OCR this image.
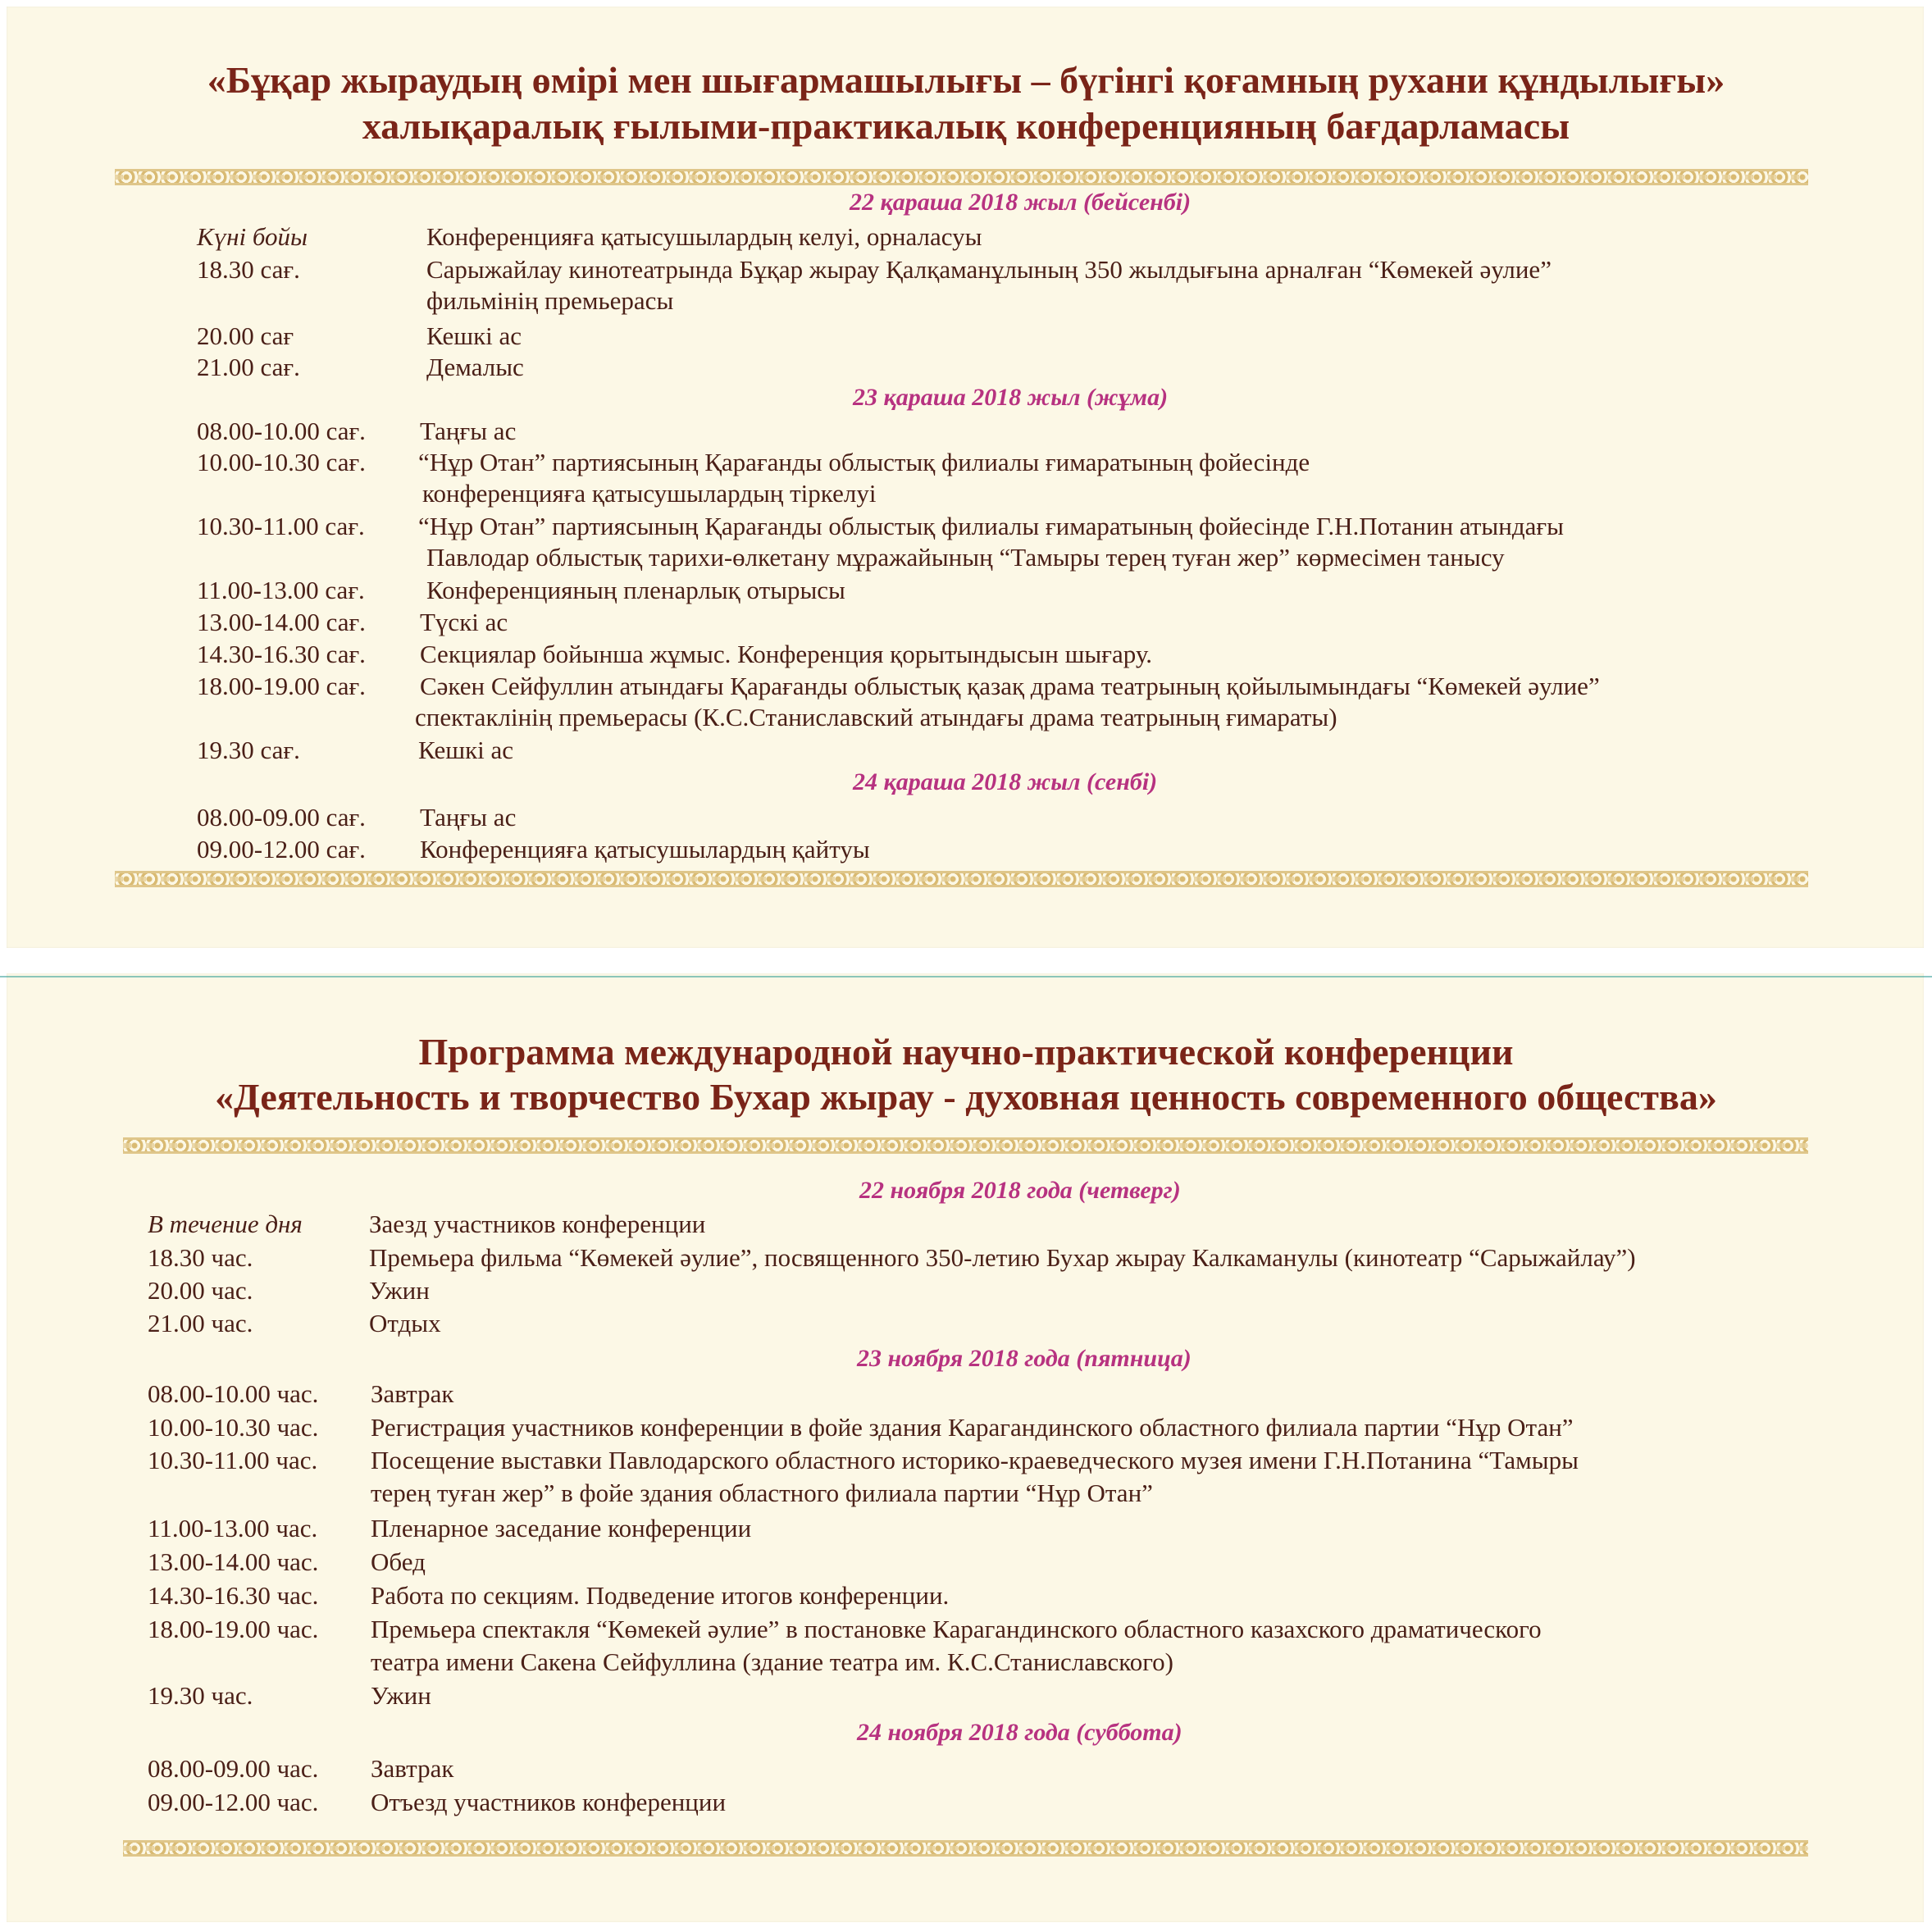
«Бұқар жыраудың өмірі мен шығармашылығы – бүгінгі қоғамның рухани құндылығы»
халықаралық ғылыми-практикалық конференцияның бағдарламасы
22 қараша 2018 жыл (бейсенбі)
Күні бойы	Конференцияға қатысушылардың келуі, орналасуы
18.30 сағ.	Сарыжайлау кинотеатрында Бұқар жырау Қалқаманұлының 350 жылдығына арналған “Көмекей әулие”
фильмінің премьерасы
20.00 сағ	Кешкі ас
21.00 сағ.	Демалыс
23 қараша 2018 жыл (жұма)
08.00-10.00 сағ. Таңғы ас
10.00-10.30 сағ. “Нұр Отан” партиясының Қарағанды облыстық филиалы ғимаратының фойесінде
конференцияға қатысушылардың тіркелуі
10.30-11.00 сағ. “Нұр Отан” партиясының Қарағанды облыстық филиалы ғимаратының фойесінде Г.Н.Потанин атындағы
Павлодар облыстық тарихи-өлкетану мұражайының “Тамыры терең туған жер” көрмесімен танысу
11.00-13.00 сағ. Конференцияның пленарлық отырысы
13.00-14.00 сағ. Түскі ас
14.30-16.30 сағ. Секциялар бойынша жұмыс. Конференция қорытындысын шығару.
18.00-19.00 сағ. Сәкен Сейфуллин атындағы Қарағанды облыстық қазақ драма театрының қойылымындағы “Көмекей әулие”
спектаклінің премьерасы (К.С.Станиславский атындағы драма театрының ғимараты)
19.30 сағ.	Кешкі ас
24 қараша 2018 жыл (сенбі)
08.00-09.00 сағ. Таңғы ас
09.00-12.00 сағ. Конференцияға қатысушылардың қайтуы
Программа международной научно-практической конференции
«Деятельность и творчество Бухар жырау - духовная ценность современного общества»
22 ноября 2018 года (четверг)
В течение дня	Заезд участников конференции
18.30 час.	Премьера фильма “Көмекей әулие”, посвященного 350-летию Бухар жырау Калкаманулы (кинотеатр “Сарыжайлау”)
20.00 час.	Ужин
21.00 час.	Отдых
23 ноября 2018 года (пятница)
08.00-10.00 час. Завтрак
10.00-10.30 час. Регистрация участников конференции в фойе здания Карагандинского областного филиала партии “Нұр Отан”
10.30-11.00 час. Посещение выставки Павлодарского областного историко-краеведческого музея имени Г.Н.Потанина “Тамыры
терең туған жер” в фойе здания областного филиала партии “Нұр Отан”
11.00-13.00 час. Пленарное заседание конференции
13.00-14.00 час. Обед
14.30-16.30 час. Работа по секциям. Подведение итогов конференции.
18.00-19.00 час. Премьера спектакля “Көмекей әулие” в постановке Карагандинского областного казахского драматического
театра имени Сакена Сейфуллина (здание театра им. К.С.Станиславского)
19.30 час.	Ужин
24 ноября 2018 года (суббота)
08.00-09.00 час. Завтрак
09.00-12.00 час. Отъезд участников конференции
